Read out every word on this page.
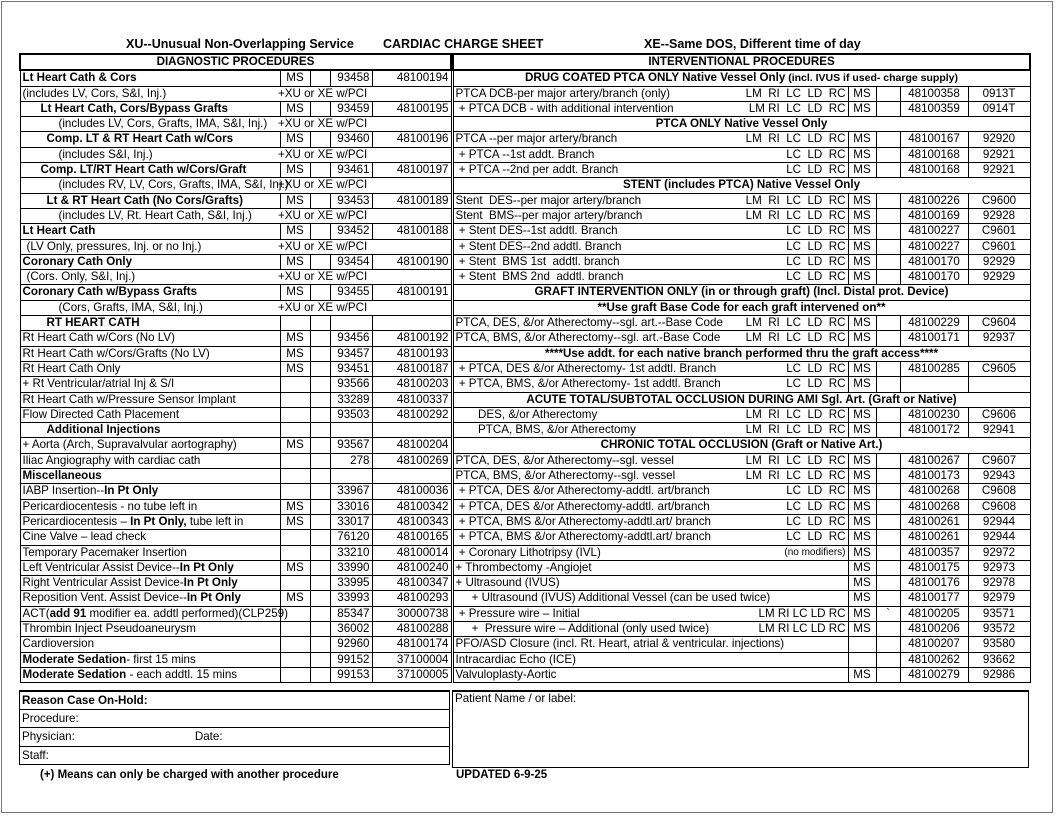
XU--Unusual Non-Overlapping Service CARDIAC CHARGE SHEET	XE--Same DOS, Different time of day
DIAGNOSTIC PROCEDURES
Lt Heart Cath & Cors	MS		93458	48100194
(includes LV, Cors, S&I, Inj.)	+XU or XE w/PCI
Lt Heart Cath, Cors/Bypass Grafts	MS		93459	48100195
(includes LV, Cors, Grafts, IMA, S&I, Inj.)	+XU or XE w/PCI
Comp. LT & RT Heart Cath w/Cors	MS		93460	48100196
(includes S&I, Inj.)	+XU or XE w/PCI
Comp. LT/RT Heart Cath w/Cors/Graft	MS		93461	48100197
(includes RV, LV, Cors, Grafts, IMA, S&I, Inj.)	+XU or XE w/PCI
Lt & RT Heart Cath (No Cors/Grafts)	MS		93453	48100189
(includes LV, Rt. Heart Cath, S&I, Inj.)	+XU or XE w/PCI
Lt Heart Cath	MS		93452	48100188
(LV Only, pressures, Inj. or no Inj.)	+XU or XE w/PCI
Coronary Cath Only	MS		93454	48100190
(Cors. Only, S&I, Inj.)	+XU or XE w/PCI
Coronary Cath w/Bypass Grafts	MS		93455	48100191
(Cors, Grafts, IMA, S&I, Inj.)	+XU or XE w/PCI
RT HEART CATH				
Rt Heart Cath w/Cors (No LV)	MS		93456	48100192
Rt Heart Cath w/Cors/Grafts (No LV)	MS		93457	48100193
Rt Heart Cath Only	MS		93451	48100187
+ Rt Ventricular/atrial Inj & S/I			93566	48100203
Rt Heart Cath w/Pressure Sensor Implant			33289	48100337
Flow Directed Cath Placement			93503	48100292
Additional Injections				
+ Aorta (Arch, Supravalvular aortography)	MS		93567	48100204
Iliac Angiography with cardiac cath			278	48100269
Miscellaneous				
IABP Insertion--In Pt Only			33967	48100036
Pericardiocentesis - no tube left in	MS		33016	48100342
Pericardiocentesis – In Pt Only, tube left in	MS		33017	48100343
Cine Valve – lead check			76120	48100165
Temporary Pacemaker Insertion			33210	48100014
Left Ventricular Assist Device--In Pt Only	MS		33990	48100240
Right Ventricular Assist Device-In Pt Only			33995	48100347
Reposition Vent. Assist Device--In Pt Only	MS		33993	48100293
ACT(add 91 modifier ea. addtl performed)(CLP259)			85347	30000738
Thrombin Inject Pseudoaneurysm			36002	48100288
Cardioversion			92960	48100174
Moderate Sedation- first 15 mins			99152	37100004
Moderate Sedation - each addtl. 15 mins			99153	37100005
INTERVENTIONAL PROCEDURES					
DRUG COATED PTCA ONLY Native Vessel Only (incl. IVUS if used- charge supply)					
PTCA DCB-per major artery/branch (only)	LM  RI  LC  LD  RC	MS		48100358	0913T
+ PTCA DCB - with additional intervention	LM RI  LC  LD  RC	MS		48100359	0914T
PTCA ONLY Native Vessel Only					
PTCA --per major artery/branch	LM  RI  LC  LD  RC	MS		48100167	92920
+ PTCA --1st addt. Branch	LC  LD  RC	MS		48100168	92921
+ PTCA --2nd per addt. Branch	LC  LD  RC	MS		48100168	92921
STENT (includes PTCA) Native Vessel Only					
Stent  DES--per major artery/branch	LM  RI  LC  LD  RC	MS		48100226	C9600
Stent  BMS--per major artery/branch	LM  RI  LC  LD  RC	MS		48100169	92928
+ Stent DES--1st addtl. Branch	LC  LD  RC	MS		48100227	C9601
+ Stent DES--2nd addtl. Branch	LC  LD  RC	MS		48100227	C9601
+ Stent  BMS 1st  addtl. branch	LC  LD  RC	MS		48100170	92929
+ Stent  BMS 2nd  addtl. branch	LC  LD  RC	MS		48100170	92929
GRAFT INTERVENTION ONLY (in or through graft) (Incl. Distal prot. Device)					
**Use graft Base Code for each graft intervened on**					
PTCA, DES, &/or Atherectomy--sgl. art.--Base Code	LM  RI  LC  LD  RC	MS		48100229	C9604
PTCA, BMS, &/or Atherectomy--sgl. art.-Base Code	LM  RI  LC  LD  RC	MS		48100171	92937
****Use addt. for each native branch performed thru the graft access****					
+ PTCA, DES &/or Atherectomy- 1st addtl. Branch	LC  LD  RC	MS		48100285	C9605
+ PTCA, BMS, &/or Atherectomy- 1st addtl. Branch	LC  LD  RC	MS			
ACUTE TOTAL/SUBTOTAL OCCLUSION DURING AMI Sgl. Art. (Graft or Native)					
DES, &/or Atherectomy	LM  RI  LC  LD  RC	MS		48100230	C9606
PTCA, BMS, &/or Atherectomy	LM  RI  LC  LD  RC	MS		48100172	92941
CHRONIC TOTAL OCCLUSION (Graft or Native Art.)					
PTCA, DES, &/or Atherectomy--sgl. vessel	LM  RI  LC  LD  RC	MS		48100267	C9607
PTCA, BMS, &/or Atherectomy--sgl. vessel	LM  RI  LC  LD  RC	MS		48100173	92943
+ PTCA, DES &/or Atherectomy-addtl. art/branch	LC  LD  RC	MS		48100268	C9608
+ PTCA, DES &/or Atherectomy-addtl. art/branch	LC  LD  RC	MS		48100268	C9608
+ PTCA, BMS &/or Atherectomy-addtl.art/ branch	LC  LD  RC	MS		48100261	92944
+ PTCA, BMS &/or Atherectomy-addtl.art/ branch	LC  LD  RC	MS		48100261	92944
+ Coronary Lithotripsy (IVL)	(no modifiers)	MS		48100357	92972
+ Thrombectomy -Angiojet		MS		48100175	92973
+ Ultrasound (IVUS)		MS		48100176	92978
+ Ultrasound (IVUS) Additional Vessel (can be used twice)		MS		48100177	92979
+ Pressure wire – Initial	LM RI LC LD RC	MS	`	48100205	93571
+  Pressure wire – Additional (only used twice)	LM RI LC LD RC	MS		48100206	93572
PFO/ASD Closure (incl. Rt. Heart, atrial & ventricular. injections)				48100207	93580
Intracardiac Echo (ICE)				48100262	93662
Valvuloplasty-Aortic		MS		48100279	92986
Reason Case On-Hold:
Procedure:
Physician:	Date:
Staff:
Patient Name / or label:
(+) Means can only be charged with another procedure	UPDATED 6-9-25
